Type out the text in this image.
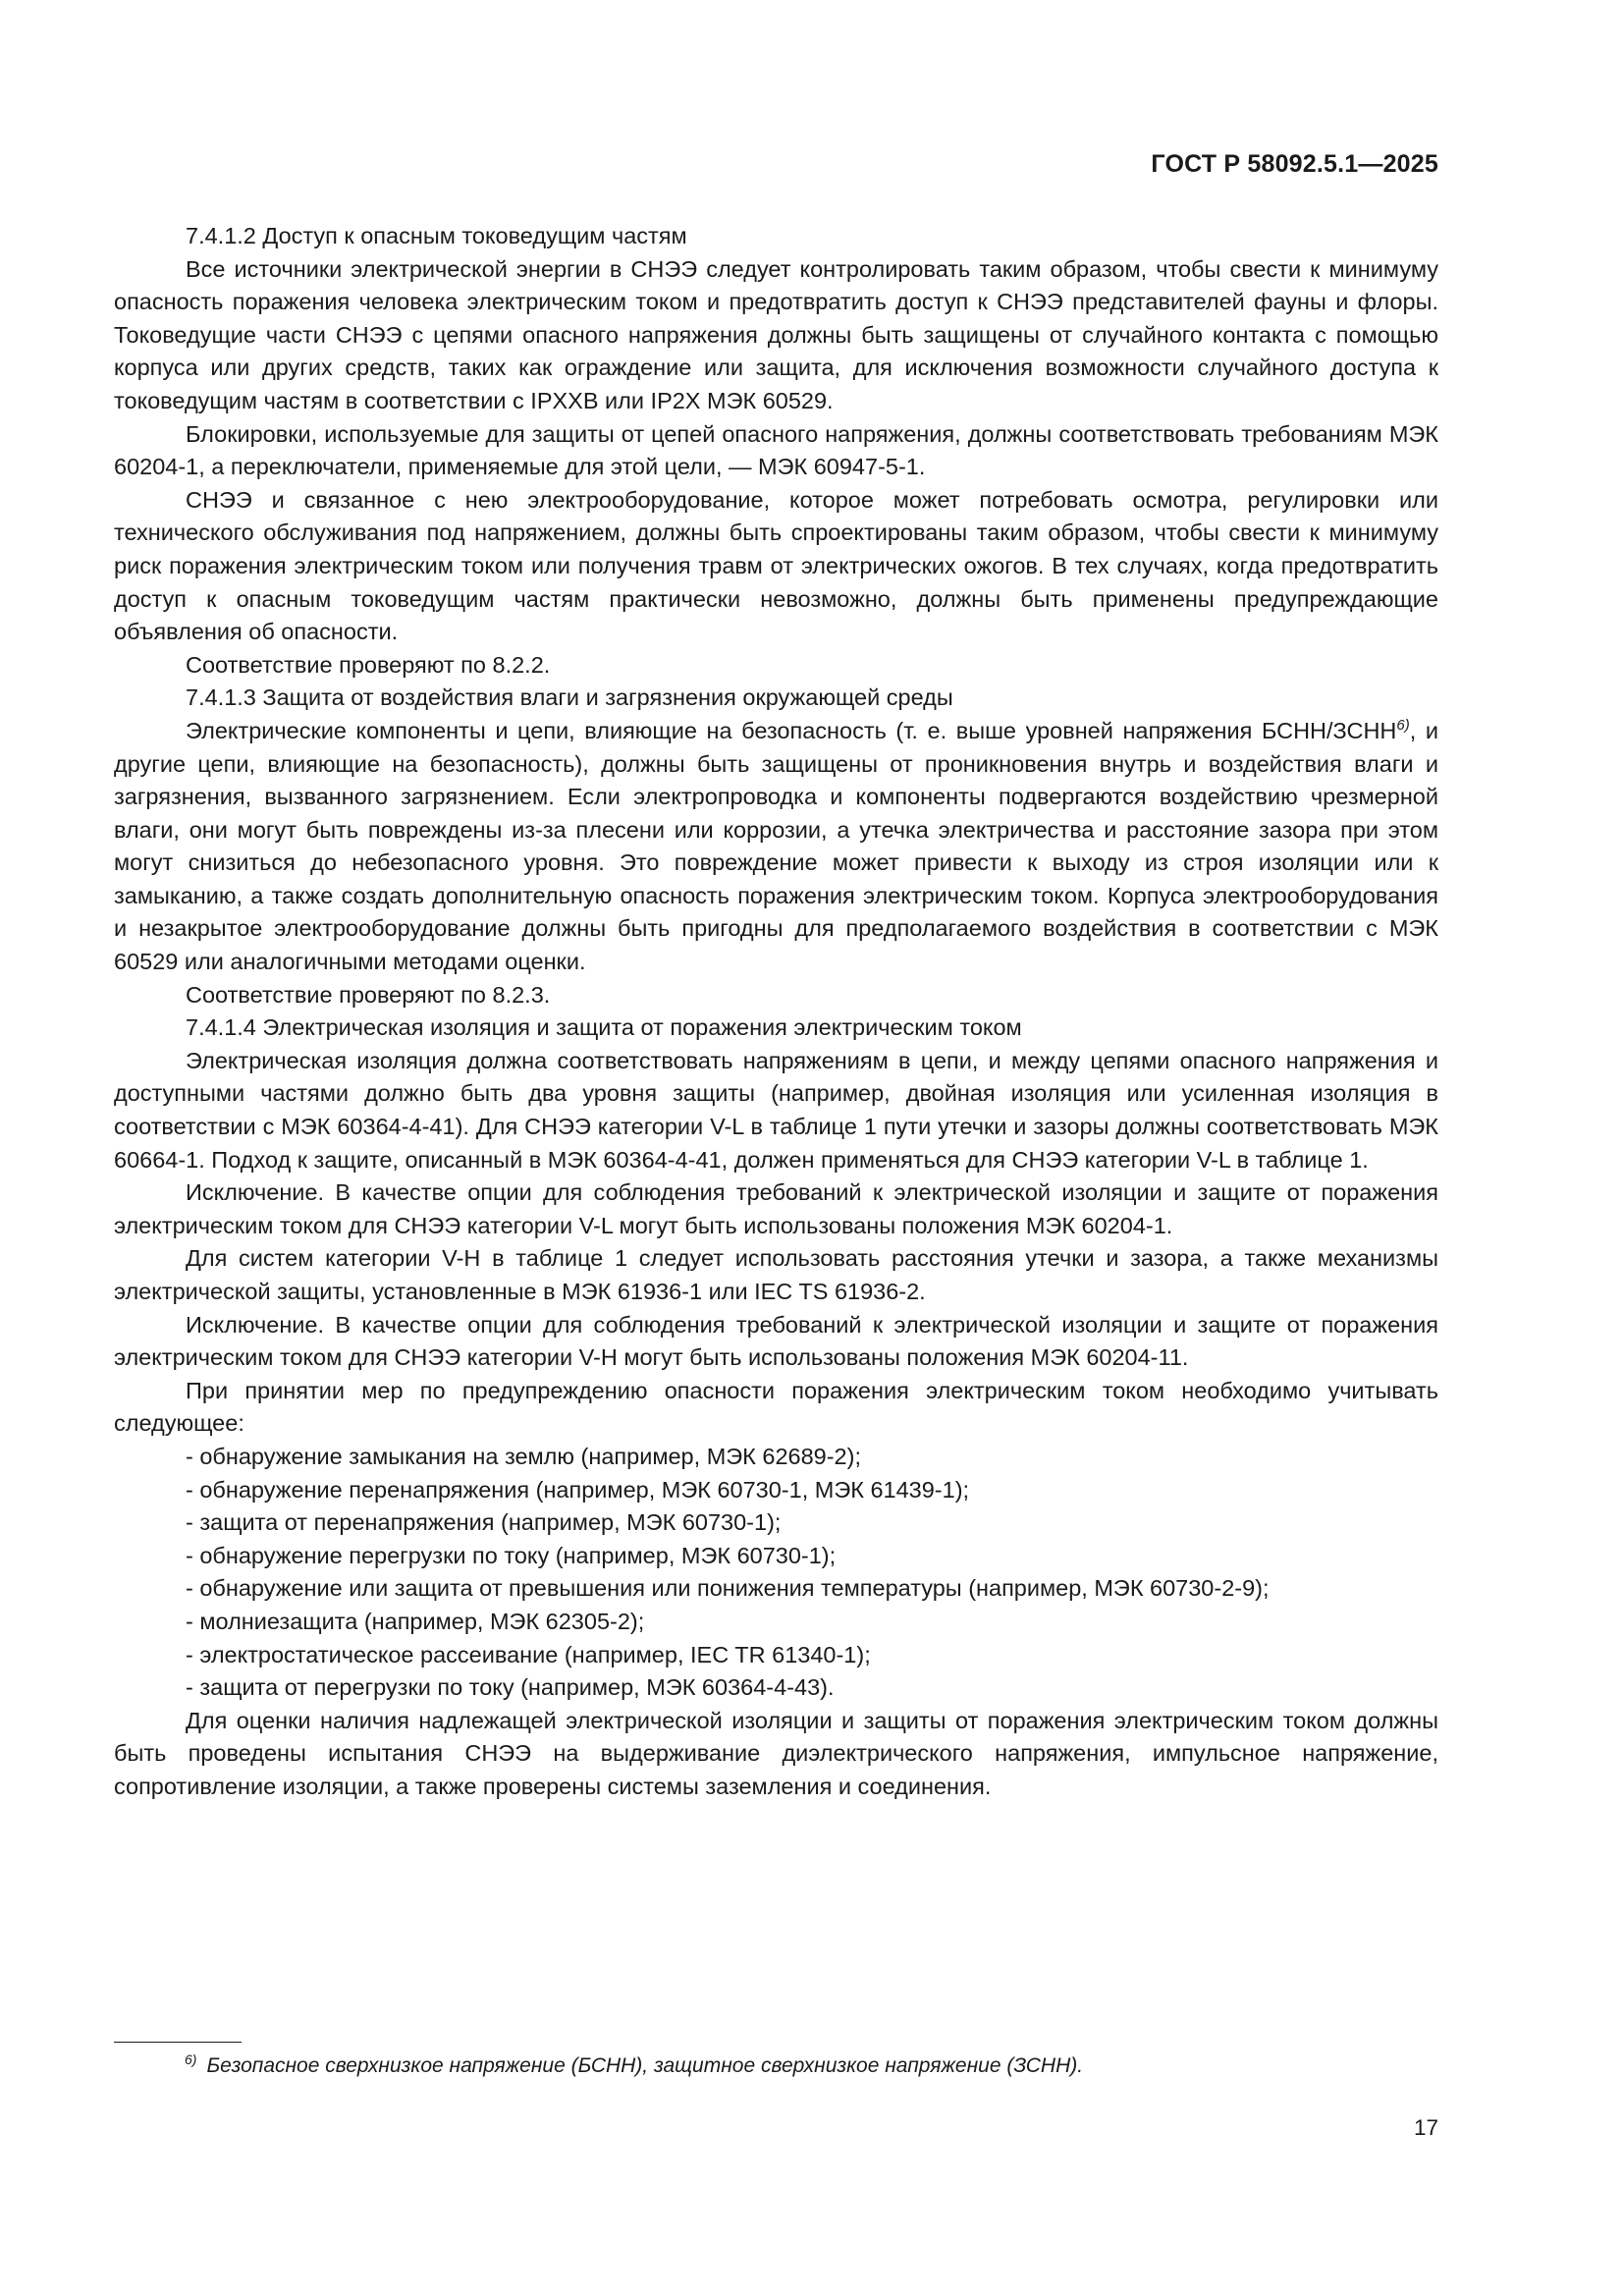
ГОСТ Р 58092.5.1—2025

7.4.1.2 Доступ к опасным токоведущим частям

Все источники электрической энергии в СНЭЭ следует контролировать таким образом, чтобы свести к минимуму опасность поражения человека электрическим током и предотвратить доступ к СНЭЭ представителей фауны и флоры. Токоведущие части СНЭЭ с цепями опасного напряжения должны быть защищены от случайного контакта с помощью корпуса или других средств, таких как ограждение или защита, для исключения возможности случайного доступа к токоведущим частям в соответствии с IPXXB или IP2X МЭК 60529.

Блокировки, используемые для защиты от цепей опасного напряжения, должны соответствовать требованиям МЭК 60204-1, а переключатели, применяемые для этой цели, — МЭК 60947-5-1.

СНЭЭ и связанное с нею электрооборудование, которое может потребовать осмотра, регулировки или технического обслуживания под напряжением, должны быть спроектированы таким образом, чтобы свести к минимуму риск поражения электрическим током или получения травм от электрических ожогов. В тех случаях, когда предотвратить доступ к опасным токоведущим частям практически невозможно, должны быть применены предупреждающие объявления об опасности.

Соответствие проверяют по 8.2.2.

7.4.1.3 Защита от воздействия влаги и загрязнения окружающей среды

Электрические компоненты и цепи, влияющие на безопасность (т. е. выше уровней напряжения БСНН/ЗСНН$^{6)}$, и другие цепи, влияющие на безопасность), должны быть защищены от проникновения внутрь и воздействия влаги и загрязнения, вызванного загрязнением. Если электропроводка и компоненты подвергаются воздействию чрезмерной влаги, они могут быть повреждены из-за плесени или коррозии, а утечка электричества и расстояние зазора при этом могут снизиться до небезопасного уровня. Это повреждение может привести к выходу из строя изоляции или к замыканию, а также создать дополнительную опасность поражения электрическим током. Корпуса электрооборудования и незакрытое электрооборудование должны быть пригодны для предполагаемого воздействия в соответствии с МЭК 60529 или аналогичными методами оценки.

Соответствие проверяют по 8.2.3.

7.4.1.4 Электрическая изоляция и защита от поражения электрическим током

Электрическая изоляция должна соответствовать напряжениям в цепи, и между цепями опасного напряжения и доступными частями должно быть два уровня защиты (например, двойная изоляция или усиленная изоляция в соответствии с МЭК 60364-4-41). Для СНЭЭ категории V-L в таблице 1 пути утечки и зазоры должны соответствовать МЭК 60664-1. Подход к защите, описанный в МЭК 60364-4-41, должен применяться для СНЭЭ категории V-L в таблице 1.

Исключение. В качестве опции для соблюдения требований к электрической изоляции и защите от поражения электрическим током для СНЭЭ категории V-L могут быть использованы положения МЭК 60204-1.

Для систем категории V-H в таблице 1 следует использовать расстояния утечки и зазора, а также механизмы электрической защиты, установленные в МЭК 61936-1 или IEC TS 61936-2.

Исключение. В качестве опции для соблюдения требований к электрической изоляции и защите от поражения электрическим током для СНЭЭ категории V-H могут быть использованы положения МЭК 60204-11.

При принятии мер по предупреждению опасности поражения электрическим током необходимо учитывать следующее:

- обнаружение замыкания на землю (например, МЭК 62689-2);

- обнаружение перенапряжения (например, МЭК 60730-1, МЭК 61439-1);

- защита от перенапряжения (например, МЭК 60730-1);

- обнаружение перегрузки по току (например, МЭК 60730-1);

- обнаружение или защита от превышения или понижения температуры (например, МЭК 60730-2-9);

- молниезащита (например, МЭК 62305-2);

- электростатическое рассеивание (например, IEC TR 61340-1);

- защита от перегрузки по току (например, МЭК 60364-4-43).

Для оценки наличия надлежащей электрической изоляции и защиты от поражения электрическим током должны быть проведены испытания СНЭЭ на выдерживание диэлектрического напряжения, импульсное напряжение, сопротивление изоляции, а также проверены системы заземления и соединения.

$^{6)}$ Безопасное сверхнизкое напряжение (БСНН), защитное сверхнизкое напряжение (ЗСНН).
17
